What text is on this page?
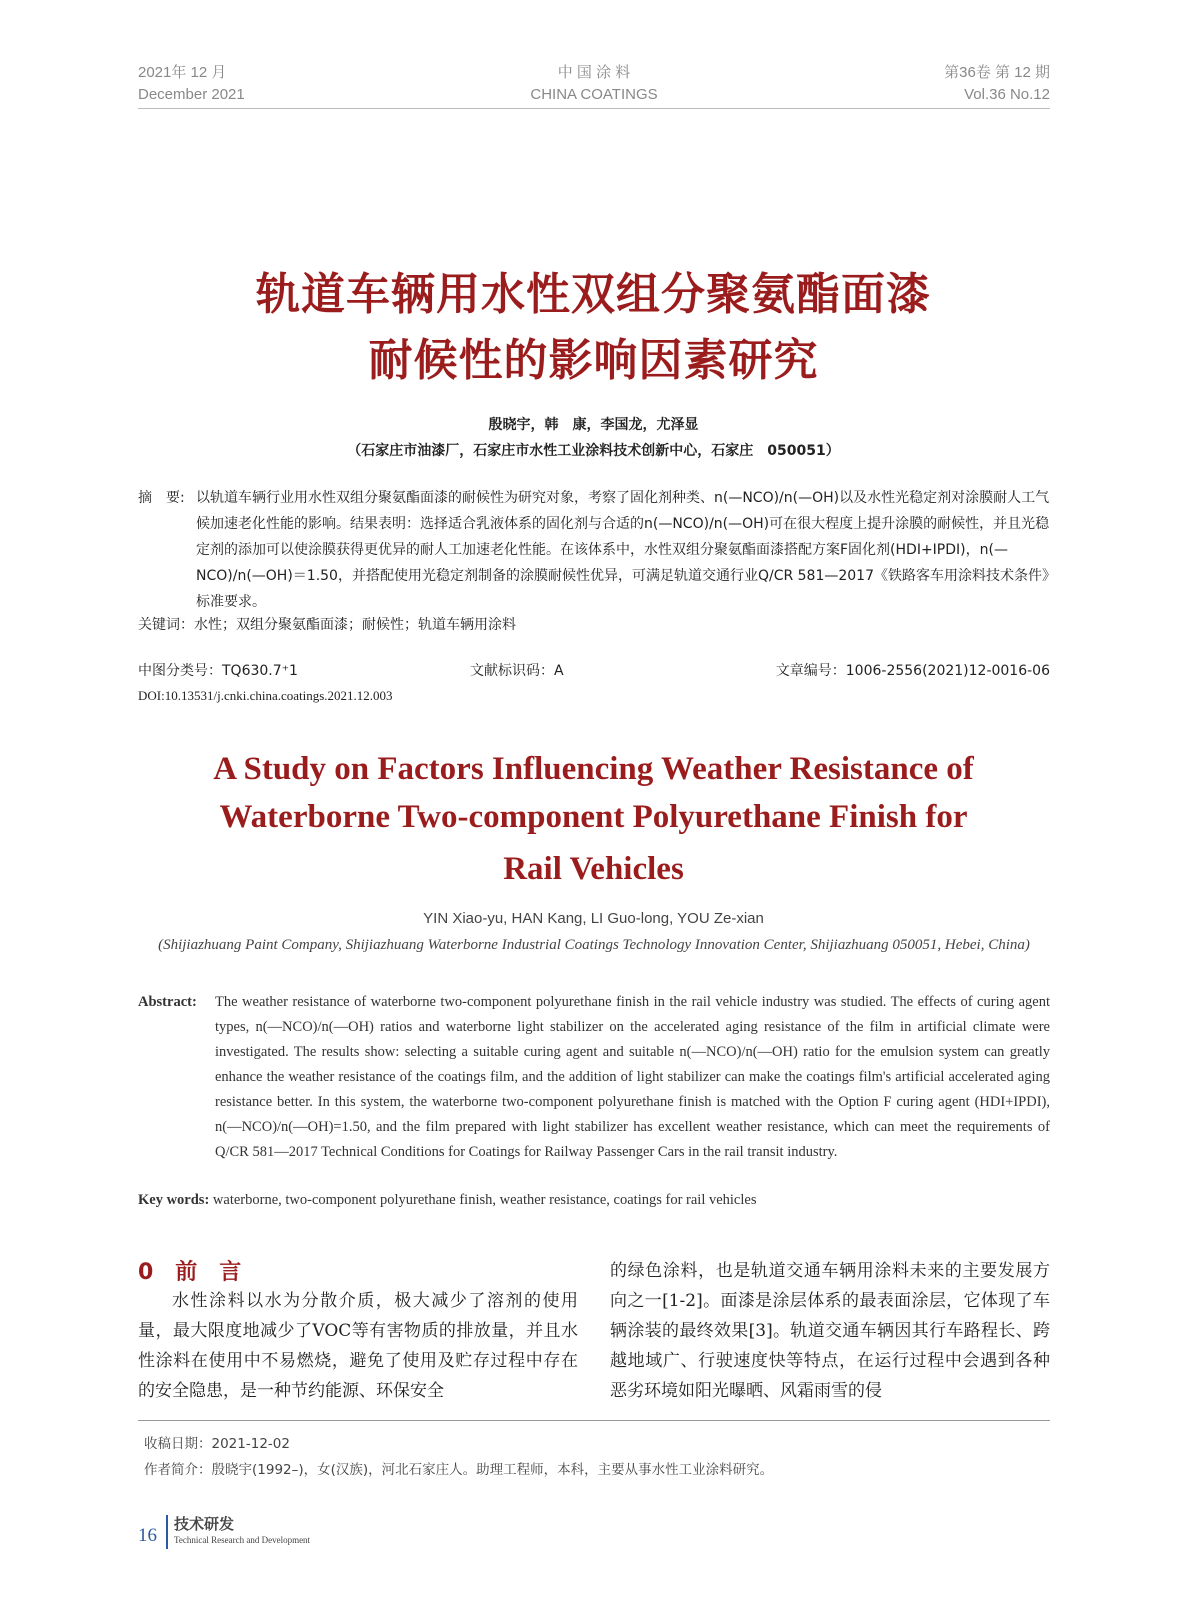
2021年 12 月
December 2021
中 国 涂 料
CHINA COATINGS
第36卷 第 12 期
Vol.36 No.12
轨道车辆用水性双组分聚氨酯面漆
耐候性的影响因素研究
殷晓宇，韩　康，李国龙，尤泽显
（石家庄市油漆厂，石家庄市水性工业涂料技术创新中心，石家庄　050051）
摘　要: 以轨道车辆行业用水性双组分聚氨酯面漆的耐候性为研究对象，考察了固化剂种类、n(—NCO)/n(—OH)以及水性光稳定剂对涂膜耐人工气候加速老化性能的影响。结果表明：选择适合乳液体系的固化剂与合适的n(—NCO)/n(—OH)可在很大程度上提升涂膜的耐候性，并且光稳定剂的添加可以使涂膜获得更优异的耐人工加速老化性能。在该体系中，水性双组分聚氨酯面漆搭配方案F固化剂(HDI+IPDI)，n(—NCO)/n(—OH)＝1.50，并搭配使用光稳定剂制备的涂膜耐候性优异，可满足轨道交通行业Q/CR 581—2017《铁路客车用涂料技术条件》标准要求。
关键词：水性；双组分聚氨酯面漆；耐候性；轨道车辆用涂料
中图分类号：TQ630.7⁺1	文献标识码：A	文章编号：1006-2556(2021)12-0016-06
DOI:10.13531/j.cnki.china.coatings.2021.12.003
A Study on Factors Influencing Weather Resistance of
Waterborne Two-component Polyurethane Finish for
Rail Vehicles
YIN Xiao-yu, HAN Kang, LI Guo-long, YOU Ze-xian
(Shijiazhuang Paint Company, Shijiazhuang Waterborne Industrial Coatings Technology Innovation Center, Shijiazhuang 050051, Hebei, China)
Abstract: The weather resistance of waterborne two-component polyurethane finish in the rail vehicle industry was studied. The effects of curing agent types, n(—NCO)/n(—OH) ratios and waterborne light stabilizer on the accelerated aging resistance of the film in artificial climate were investigated. The results show: selecting a suitable curing agent and suitable n(—NCO)/n(—OH) ratio for the emulsion system can greatly enhance the weather resistance of the coatings film, and the addition of light stabilizer can make the coatings film's artificial accelerated aging resistance better. In this system, the waterborne two-component polyurethane finish is matched with the Option F curing agent (HDI+IPDI), n(—NCO)/n(—OH)=1.50, and the film prepared with light stabilizer has excellent weather resistance, which can meet the requirements of Q/CR 581—2017 Technical Conditions for Coatings for Railway Passenger Cars in the rail transit industry.
Key words: waterborne, two-component polyurethane finish, weather resistance, coatings for rail vehicles
0　前　言
水性涂料以水为分散介质，极大减少了溶剂的使用量，最大限度地减少了VOC等有害物质的排放量，并且水性涂料在使用中不易燃烧，避免了使用及贮存过程中存在的安全隐患，是一种节约能源、环保安全
的绿色涂料，也是轨道交通车辆用涂料未来的主要发展方向之一[1-2]。面漆是涂层体系的最表面涂层，它体现了车辆涂装的最终效果[3]。轨道交通车辆因其行车路程长、跨越地域广、行驶速度快等特点，在运行过程中会遇到各种恶劣环境如阳光曝晒、风霜雨雪的侵
收稿日期：2021-12-02
作者简介：殷晓宇(1992–)，女(汉族)，河北石家庄人。助理工程师，本科，主要从事水性工业涂料研究。
16
技术研发
Technical Research and Development
